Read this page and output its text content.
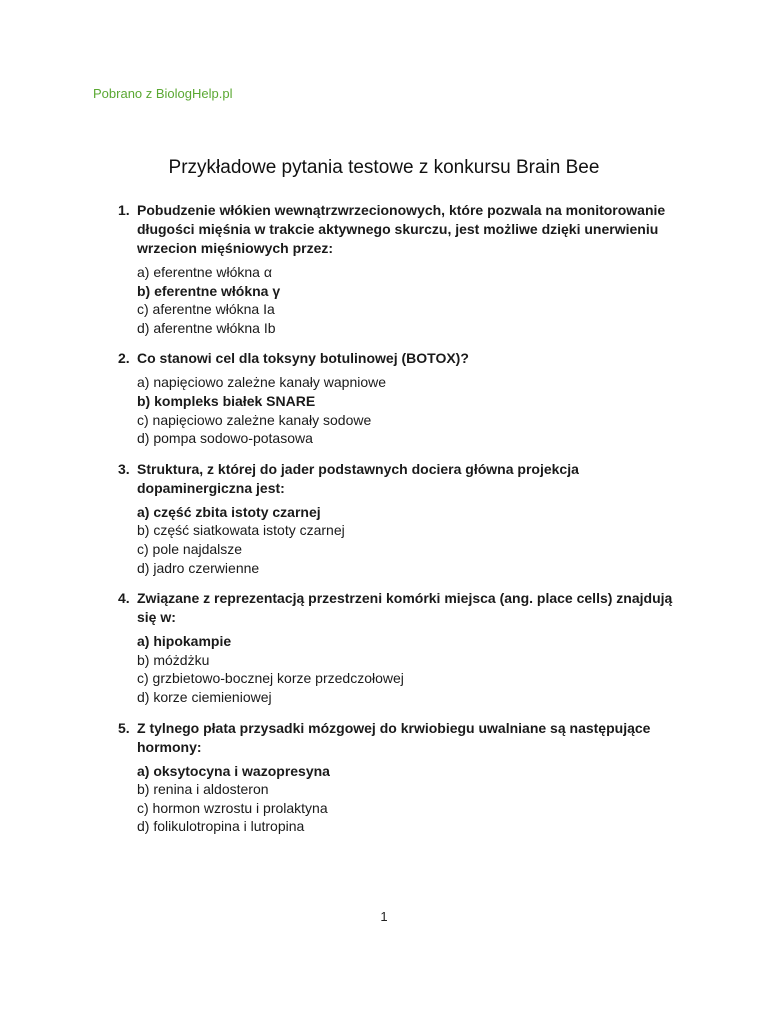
Pobrano z BiologHelp.pl
Przykładowe pytania testowe z konkursu Brain Bee
1. Pobudzenie włókien wewnątrzwrzecionowych, które pozwala na monitorowanie długości mięśnia w trakcie aktywnego skurczu, jest możliwe dzięki unerwieniu wrzecion mięśniowych przez:
a) eferentne włókna α
b) eferentne włókna γ
c) aferentne włókna Ia
d) aferentne włókna Ib
2. Co stanowi cel dla toksyny botulinowej (BOTOX)?
a) napięciowo zależne kanały wapniowe
b) kompleks białek SNARE
c) napięciowo zależne kanały sodowe
d) pompa sodowo-potasowa
3. Struktura, z której do jader podstawnych dociera główna projekcja dopaminergiczna jest:
a) część zbita istoty czarnej
b) część siatkowata istoty czarnej
c) pole najdalsze
d) jadro czerwienne
4. Związane z reprezentacją przestrzeni komórki miejsca (ang. place cells) znajdują się w:
a) hipokampie
b) móżdżku
c) grzbietowo-bocznej korze przedczołowej
d) korze ciemieniowej
5. Z tylnego płata przysadki mózgowej do krwiobiegu uwalniane są następujące hormony:
a) oksytocyna i wazopresyna
b) renina i aldosteron
c) hormon wzrostu i prolaktyna
d) folikulotropina i lutropina
1
